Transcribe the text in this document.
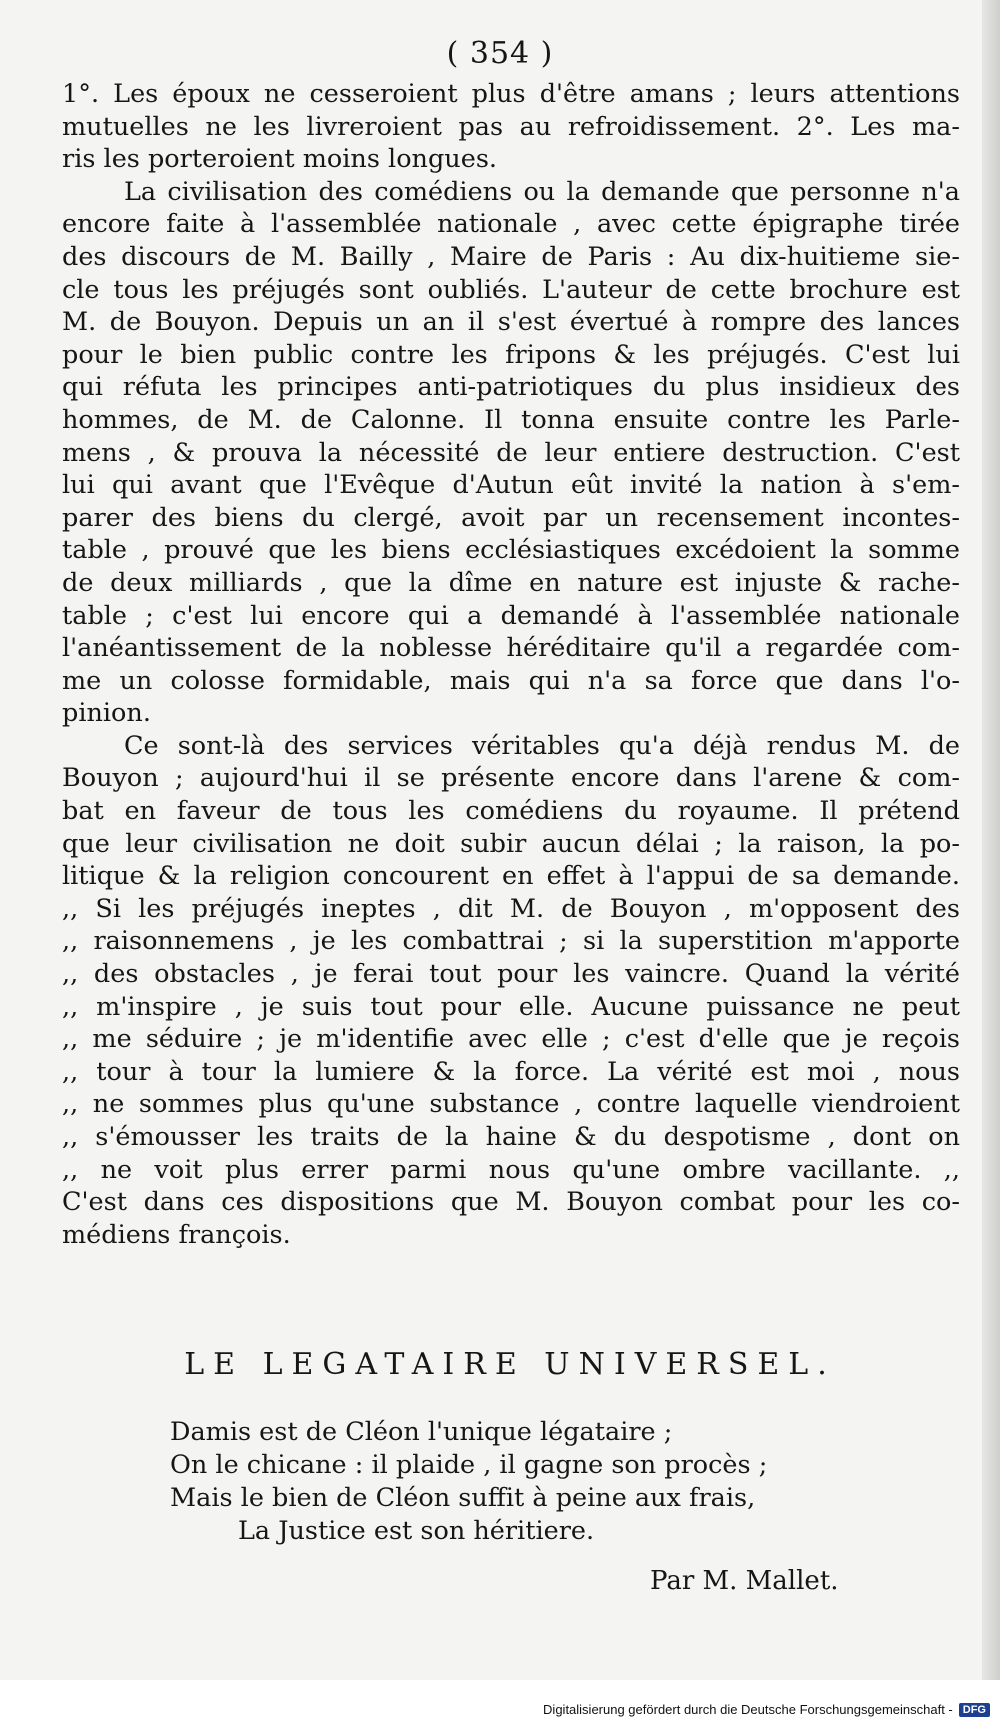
( 354 )
1°. Les époux ne cesseroient plus d'être amans ; leurs attentions
mutuelles ne les livreroient pas au refroidissement. 2°. Les ma-
ris les porteroient moins longues.
La civilisation des comédiens ou la demande que personne n'a
encore faite à l'assemblée nationale , avec cette épigraphe tirée
des discours de M. Bailly , Maire de Paris : Au dix-huitieme sie-
cle tous les préjugés sont oubliés. L'auteur de cette brochure est
M. de Bouyon. Depuis un an il s'est évertué à rompre des lances
pour le bien public contre les fripons & les préjugés. C'est lui
qui réfuta les principes anti-patriotiques du plus insidieux des
hommes, de M. de Calonne. Il tonna ensuite contre les Parle-
mens , & prouva la nécessité de leur entiere destruction. C'est
lui qui avant que l'Evêque d'Autun eût invité la nation à s'em-
parer des biens du clergé, avoit par un recensement incontes-
table , prouvé que les biens ecclésiastiques excédoient la somme
de deux milliards , que la dîme en nature est injuste & rache-
table ; c'est lui encore qui a demandé à l'assemblée nationale
l'anéantissement de la noblesse héréditaire qu'il a regardée com-
me un colosse formidable, mais qui n'a sa force que dans l'o-
pinion.
Ce sont-là des services véritables qu'a déjà rendus M. de
Bouyon ; aujourd'hui il se présente encore dans l'arene & com-
bat en faveur de tous les comédiens du royaume. Il prétend
que leur civilisation ne doit subir aucun délai ; la raison, la po-
litique & la religion concourent en effet à l'appui de sa demande.
,, Si les préjugés ineptes , dit M. de Bouyon , m'opposent des
,, raisonnemens , je les combattrai ; si la superstition m'apporte
,, des obstacles , je ferai tout pour les vaincre. Quand la vérité
,, m'inspire , je suis tout pour elle. Aucune puissance ne peut
,, me séduire ; je m'identifie avec elle ; c'est d'elle que je reçois
,, tour à tour la lumiere & la force. La vérité est moi , nous
,, ne sommes plus qu'une substance , contre laquelle viendroient
,, s'émousser les traits de la haine & du despotisme , dont on
,, ne voit plus errer parmi nous qu'une ombre vacillante. ,,
C'est dans ces dispositions que M. Bouyon combat pour les co-
médiens françois.
LE LEGATAIRE UNIVERSEL.
Damis est de Cléon l'unique légataire ;
On le chicane : il plaide , il gagne son procès ;
Mais le bien de Cléon suffit à peine aux frais,
La Justice est son héritiere.
Par M. Mallet.
Digitalisierung gefördert durch die Deutsche Forschungsgemeinschaft - DFG
